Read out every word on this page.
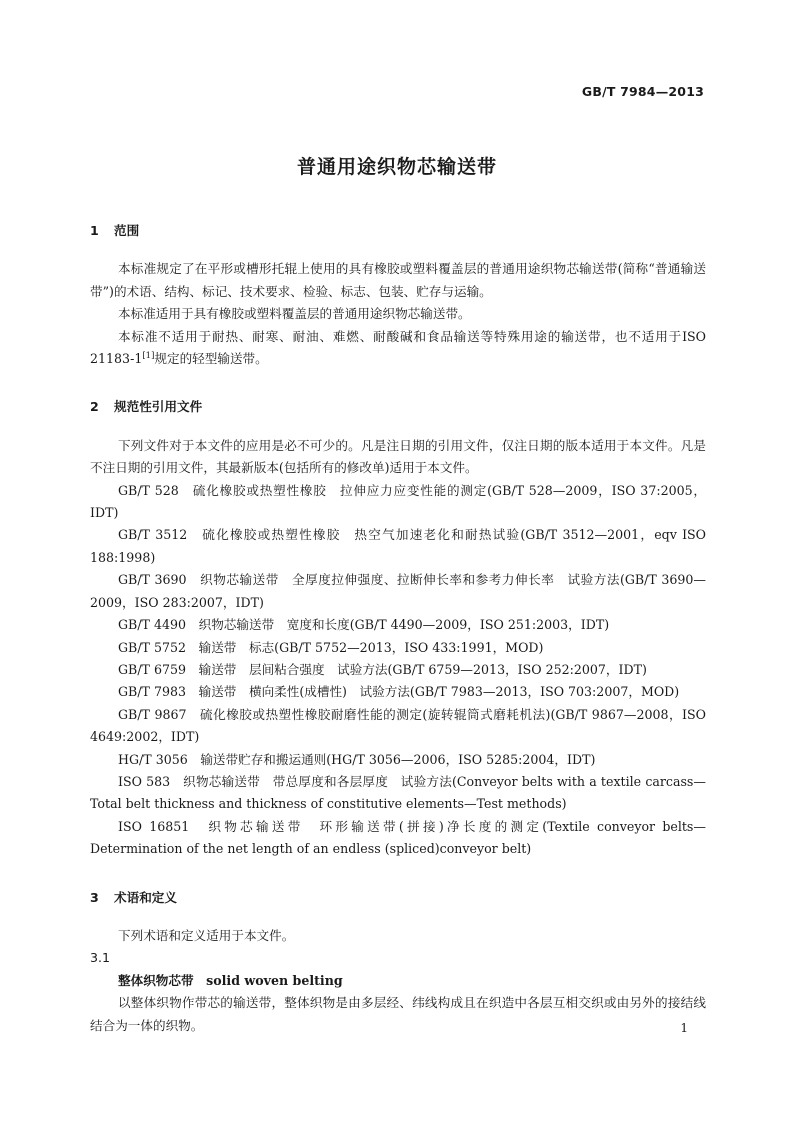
GB/T 7984—2013
普通用途织物芯输送带

1 范围

本标准规定了在平形或槽形托辊上使用的具有橡胶或塑料覆盖层的普通用途织物芯输送带(简称“普通输送带”)的术语、结构、标记、技术要求、检验、标志、包装、贮存与运输。

本标准适用于具有橡胶或塑料覆盖层的普通用途织物芯输送带。

本标准不适用于耐热、耐寒、耐油、难燃、耐酸碱和食品输送等特殊用途的输送带，也不适用于ISO 21183-1[1]规定的轻型输送带。

2 规范性引用文件

下列文件对于本文件的应用是必不可少的。凡是注日期的引用文件，仅注日期的版本适用于本文件。凡是不注日期的引用文件，其最新版本(包括所有的修改单)适用于本文件。

GB/T 528　硫化橡胶或热塑性橡胶　拉伸应力应变性能的测定(GB/T 528—2009，ISO 37:2005，IDT)

GB/T 3512　硫化橡胶或热塑性橡胶　热空气加速老化和耐热试验(GB/T 3512—2001，eqv ISO 188:1998)

GB/T 3690　织物芯输送带　全厚度拉伸强度、拉断伸长率和参考力伸长率　试验方法(GB/T 3690—2009，ISO 283:2007，IDT)

GB/T 4490　织物芯输送带　宽度和长度(GB/T 4490—2009，ISO 251:2003，IDT)

GB/T 5752　输送带　标志(GB/T 5752—2013，ISO 433:1991，MOD)

GB/T 6759　输送带　层间粘合强度　试验方法(GB/T 6759—2013，ISO 252:2007，IDT)

GB/T 7983　输送带　横向柔性(成槽性)　试验方法(GB/T 7983—2013，ISO 703:2007，MOD)

GB/T 9867　硫化橡胶或热塑性橡胶耐磨性能的测定(旋转辊筒式磨耗机法)(GB/T 9867—2008，ISO 4649:2002，IDT)

HG/T 3056　输送带贮存和搬运通则(HG/T 3056—2006，ISO 5285:2004，IDT)

ISO 583　织物芯输送带　带总厚度和各层厚度　试验方法(Conveyor belts with a textile carcass—Total belt thickness and thickness of constitutive elements—Test methods)

ISO 16851　织物芯输送带　环形输送带(拼接)净长度的测定(Textile conveyor belts—Determination of the net length of an endless (spliced)conveyor belt)

3 术语和定义

下列术语和定义适用于本文件。

3.1

整体织物芯带　 solid woven belting

以整体织物作带芯的输送带，整体织物是由多层经、纬线构成且在织造中各层互相交织或由另外的接结线结合为一体的织物。	1
